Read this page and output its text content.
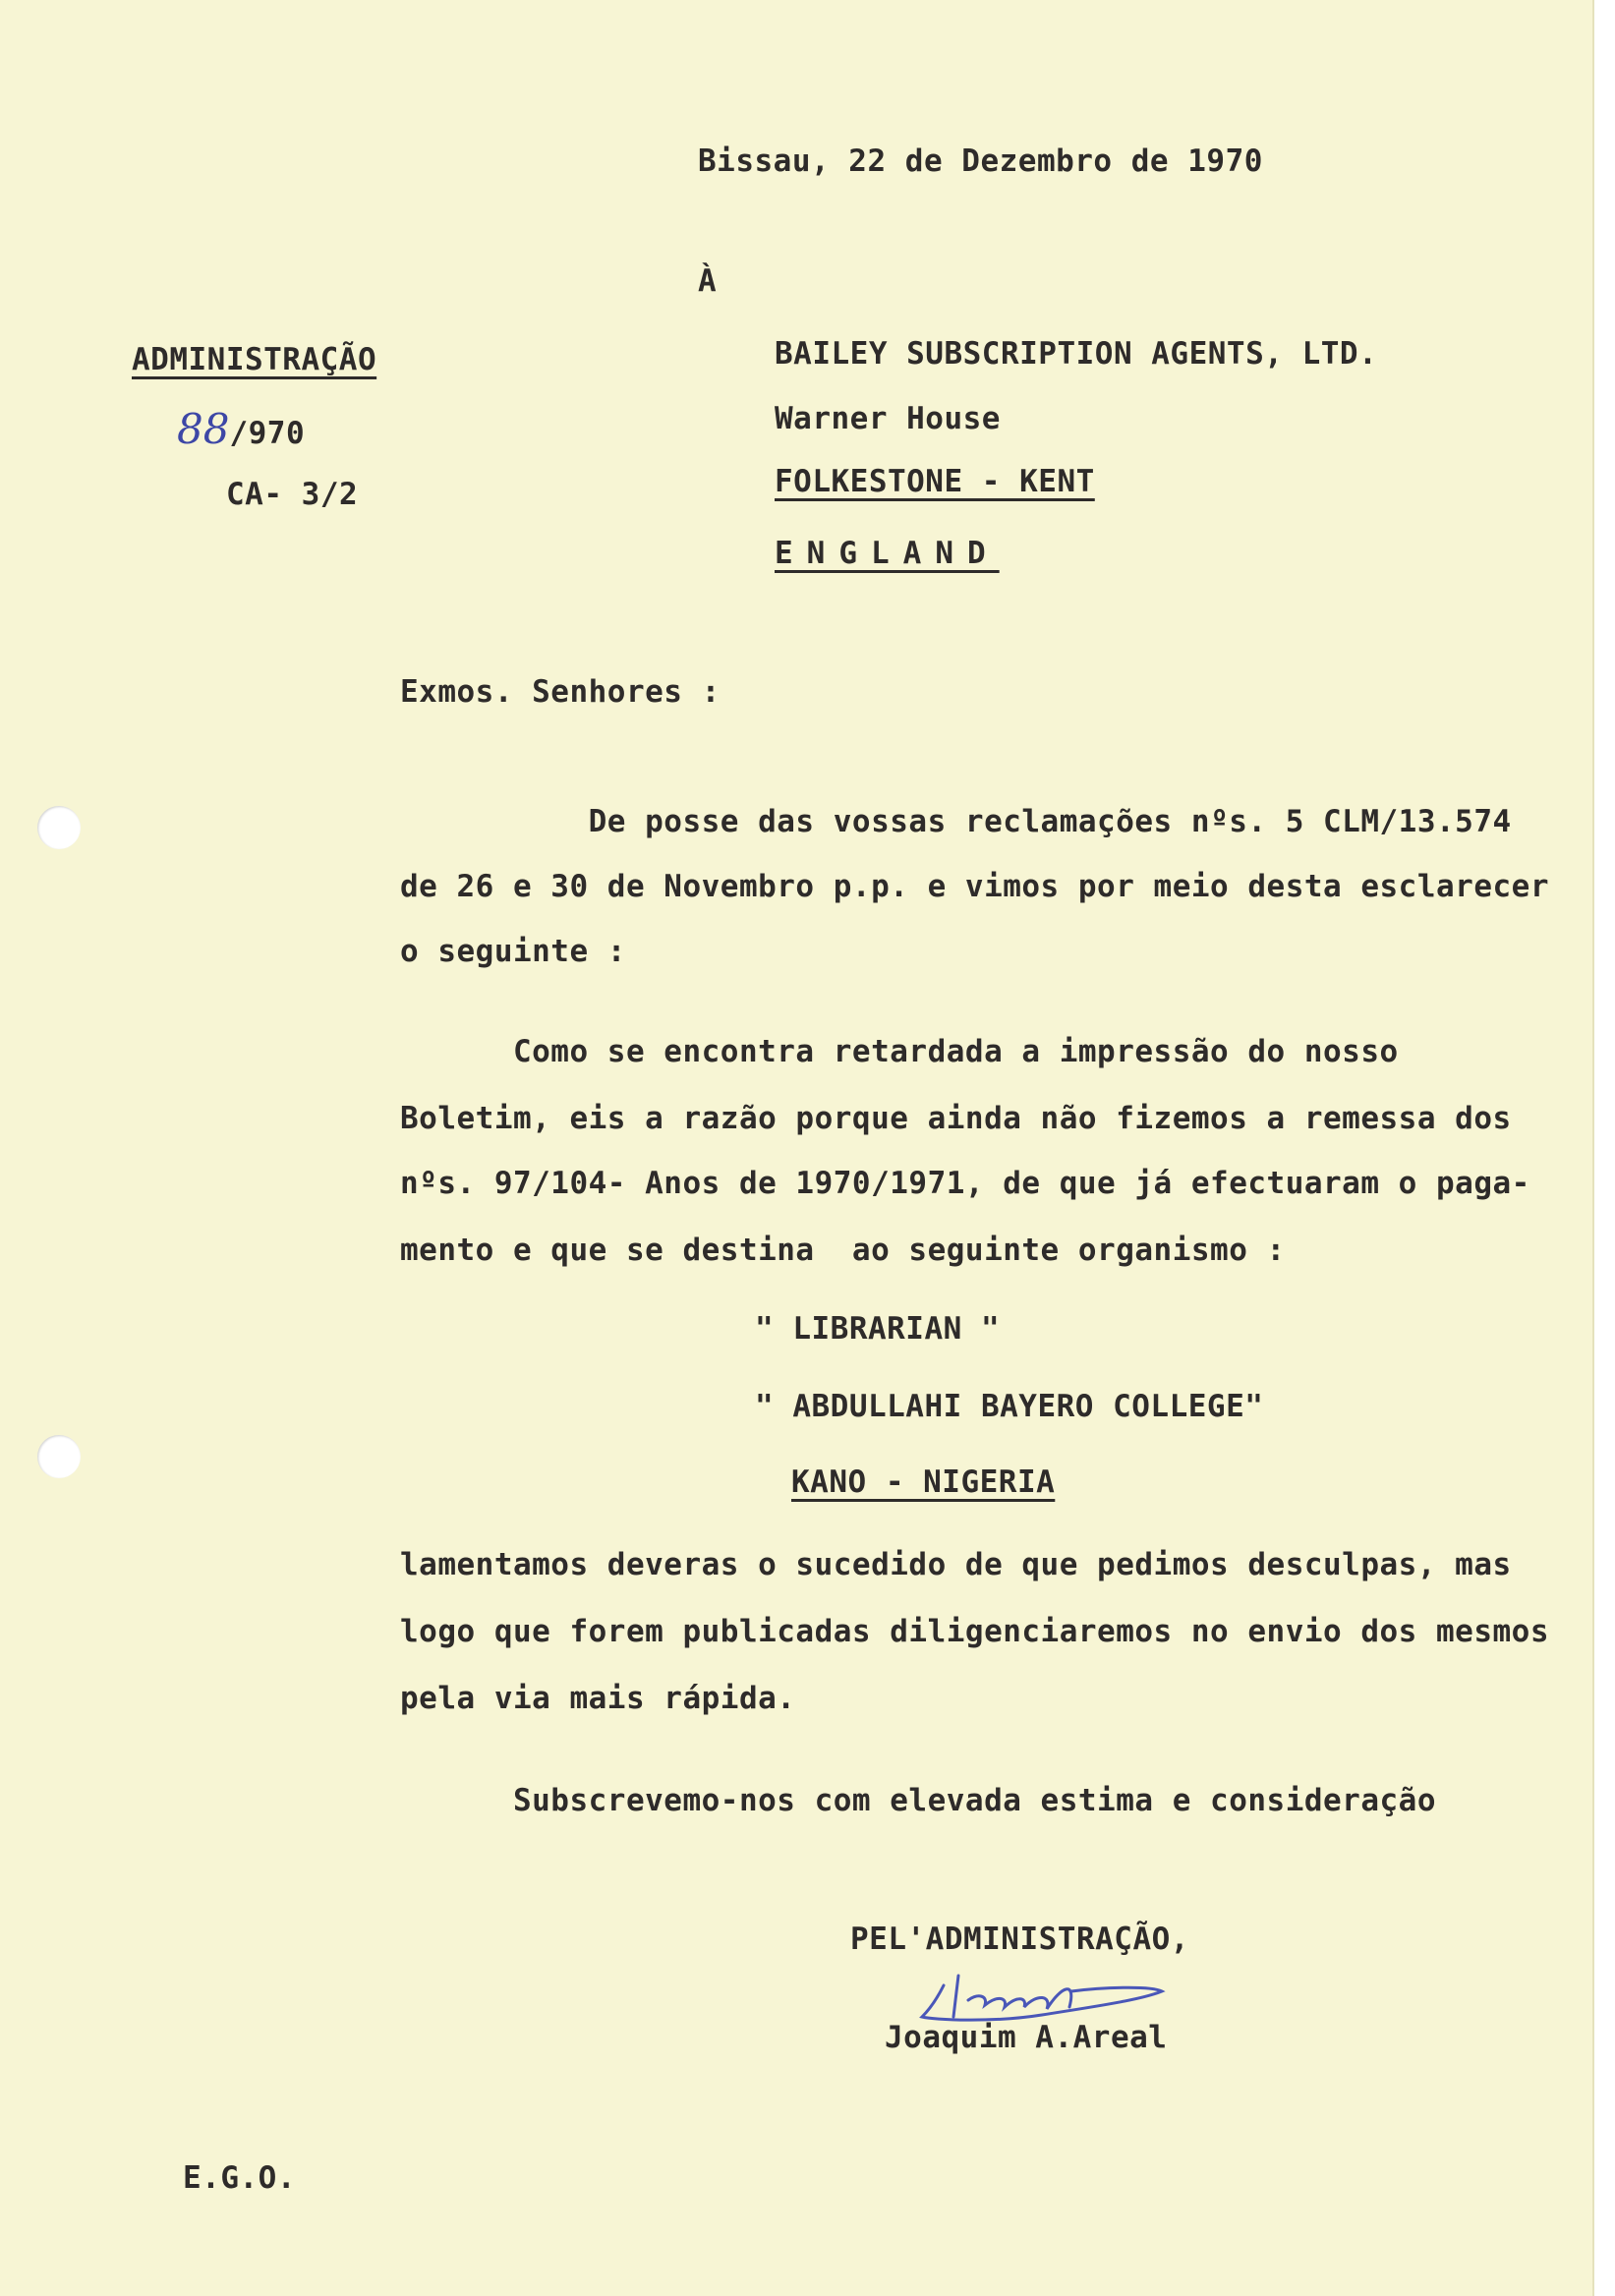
Bissau, 22 de Dezembro de 1970
À
ADMINISTRAÇÃO
88/970
CA- 3/2
BAILEY SUBSCRIPTION AGENTS, LTD.
Warner House
FOLKESTONE - KENT
ENGLAND
Exmos. Senhores :
De posse das vossas reclamações nºs. 5 CLM/13.574
de 26 e 30 de Novembro p.p. e vimos por meio desta esclarecer
o seguinte :
Como se encontra retardada a impressão do nosso
Boletim, eis a razão porque ainda não fizemos a remessa dos
nºs. 97/104- Anos de 1970/1971, de que já efectuaram o paga-
mento e que se destina  ao seguinte organismo :
" LIBRARIAN "
" ABDULLAHI BAYERO COLLEGE"
KANO - NIGERIA
lamentamos deveras o sucedido de que pedimos desculpas, mas
logo que forem publicadas diligenciaremos no envio dos mesmos
pela via mais rápida.
Subscrevemo-nos com elevada estima e consideração
PEL'ADMINISTRAÇÃO,
Joaquim A.Areal
E.G.O.
